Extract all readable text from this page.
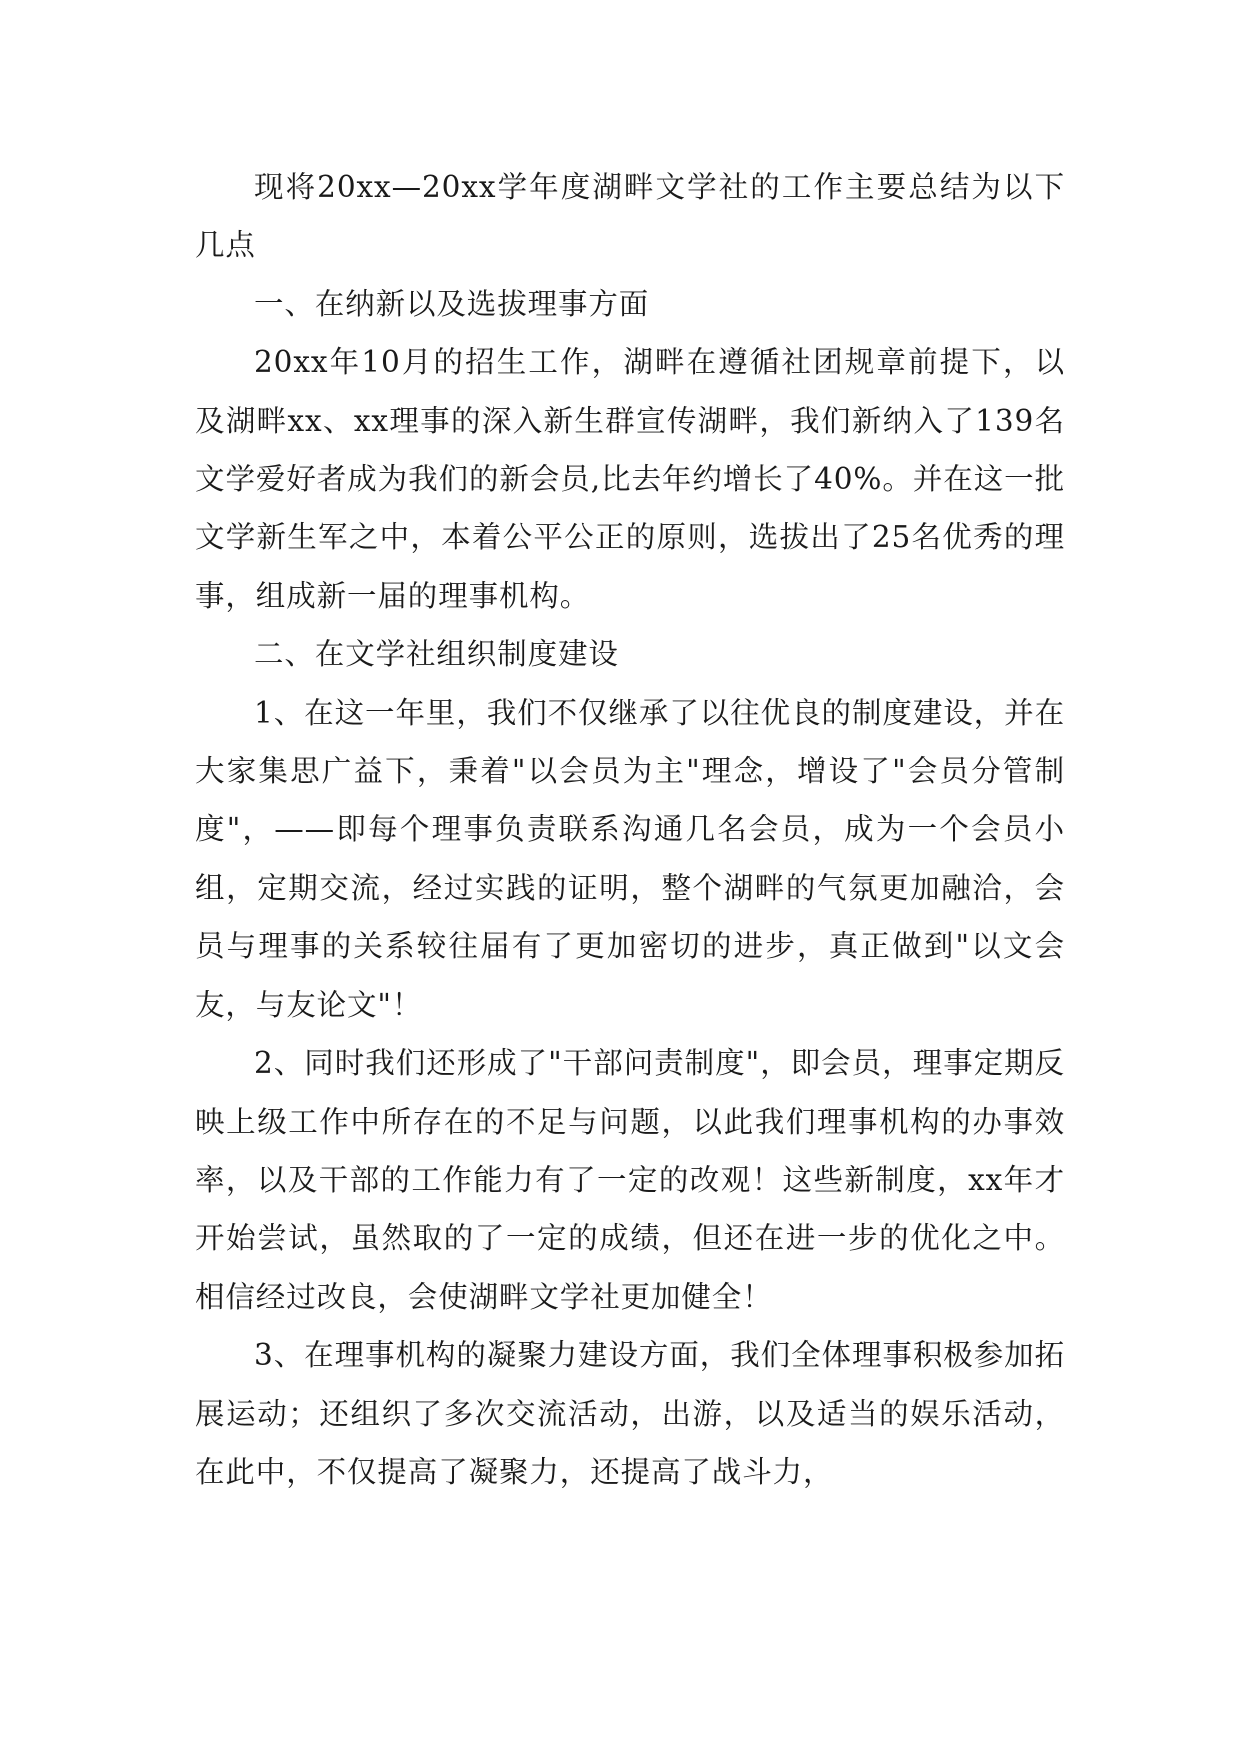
现将20xx—20xx学年度湖畔文学社的工作主要总结为以下几点

一、在纳新以及选拔理事方面

20xx年10月的招生工作，湖畔在遵循社团规章前提下，以及湖畔xx、xx理事的深入新生群宣传湖畔，我们新纳入了139名文学爱好者成为我们的新会员,比去年约增长了40%。并在这一批文学新生军之中，本着公平公正的原则，选拔出了25名优秀的理事，组成新一届的理事机构。

二、在文学社组织制度建设

1、在这一年里，我们不仅继承了以往优良的制度建设，并在大家集思广益下，秉着"以会员为主"理念，增设了"会员分管制度"，——即每个理事负责联系沟通几名会员，成为一个会员小组，定期交流，经过实践的证明，整个湖畔的气氛更加融洽，会员与理事的关系较往届有了更加密切的进步，真正做到"以文会友，与友论文"！

2、同时我们还形成了"干部问责制度"，即会员，理事定期反映上级工作中所存在的不足与问题，以此我们理事机构的办事效率，以及干部的工作能力有了一定的改观！这些新制度，xx年才开始尝试，虽然取的了一定的成绩，但还在进一步的优化之中。相信经过改良，会使湖畔文学社更加健全！

3、在理事机构的凝聚力建设方面，我们全体理事积极参加拓展运动；还组织了多次交流活动，出游，以及适当的娱乐活动，在此中，不仅提高了凝聚力，还提高了战斗力，
